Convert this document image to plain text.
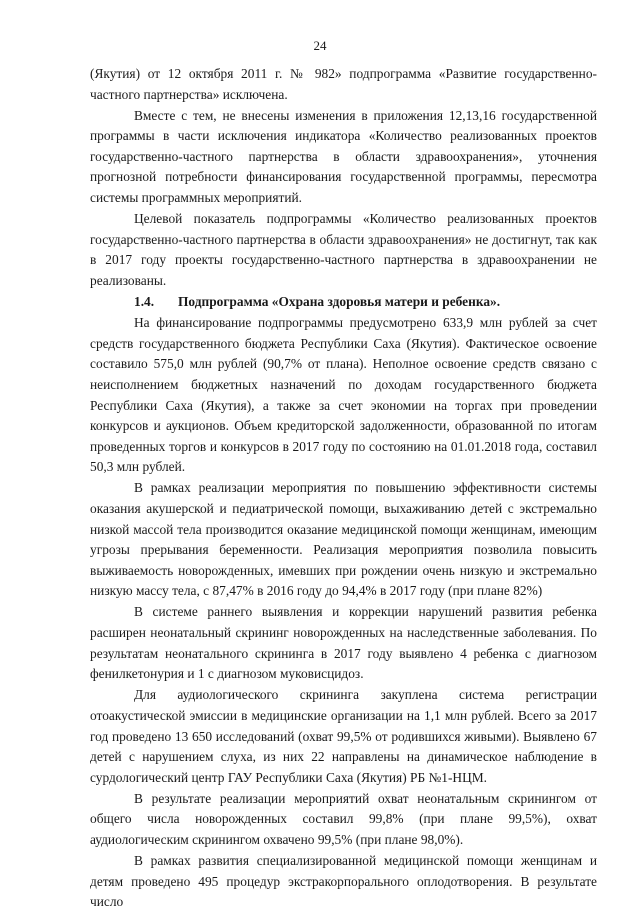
24

(Якутия) от 12 октября 2011 г. № 982» подпрограмма «Развитие государственно-частного партнерства» исключена.

Вместе с тем, не внесены изменения в приложения 12,13,16 государственной программы в части исключения индикатора «Количество реализованных проектов государственно-частного партнерства в области здравоохранения», уточнения прогнозной потребности финансирования государственной программы, пересмотра системы программных мероприятий.

Целевой показатель подпрограммы «Количество реализованных проектов государственно-частного партнерства в области здравоохранения» не достигнут, так как в 2017 году проекты государственно-частного партнерства в здравоохранении не реализованы.

1.4. Подпрограмма «Охрана здоровья матери и ребенка».

На финансирование подпрограммы предусмотрено 633,9 млн рублей за счет средств государственного бюджета Республики Саха (Якутия). Фактическое освоение составило 575,0 млн рублей (90,7% от плана). Неполное освоение средств связано с неисполнением бюджетных назначений по доходам государственного бюджета Республики Саха (Якутия), а также за счет экономии на торгах при проведении конкурсов и аукционов. Объем кредиторской задолженности, образованной по итогам проведенных торгов и конкурсов в 2017 году по состоянию на 01.01.2018 года, составил 50,3 млн рублей.

В рамках реализации мероприятия по повышению эффективности системы оказания акушерской и педиатрической помощи, выхаживанию детей с экстремально низкой массой тела производится оказание медицинской помощи женщинам, имеющим угрозы прерывания беременности. Реализация мероприятия позволила повысить выживаемость новорожденных, имевших при рождении очень низкую и экстремально низкую массу тела, с 87,47% в 2016 году до 94,4% в 2017 году (при плане 82%)

В системе раннего выявления и коррекции нарушений развития ребенка расширен неонатальный скрининг новорожденных на наследственные заболевания. По результатам неонатального скрининга в 2017 году выявлено 4 ребенка с диагнозом фенилкетонурия и 1 с диагнозом муковисцидоз.

Для аудиологического скрининга закуплена система регистрации отоакустической эмиссии в медицинские организации на 1,1 млн рублей. Всего за 2017 год проведено 13 650 исследований (охват 99,5% от родившихся живыми). Выявлено 67 детей с нарушением слуха, из них 22 направлены на динамическое наблюдение в сурдологический центр ГАУ Республики Саха (Якутия) РБ №1-НЦМ.

В результате реализации мероприятий охват неонатальным скринингом от общего числа новорожденных составил 99,8% (при плане 99,5%), охват аудиологическим скринингом охвачено 99,5% (при плане 98,0%).

В рамках развития специализированной медицинской помощи женщинам и детям проведено 495 процедур экстракорпорального оплодотворения. В результате число
